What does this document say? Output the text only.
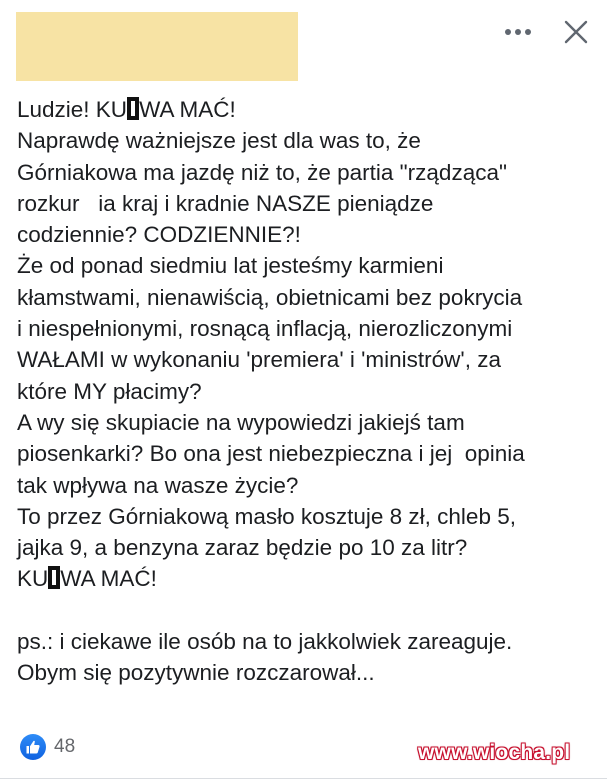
Ludzie! KU WA MAĆ!
Naprawdę ważniejsze jest dla was to, że
Górniakowa ma jazdę niż to, że partia "rządząca"
rozkur   ia kraj i kradnie NASZE pieniądze
codziennie? CODZIENNIE?!
Że od ponad siedmiu lat jesteśmy karmieni
kłamstwami, nienawiścią, obietnicami bez pokrycia
i niespełnionymi, rosnącą inflacją, nierozliczonymi
WAŁAMI w wykonaniu 'premiera' i 'ministrów', za
które MY płacimy?
A wy się skupiacie na wypowiedzi jakiejś tam
piosenkarki? Bo ona jest niebezpieczna i jej  opinia
tak wpływa na wasze życie?
To przez Górniakową masło kosztuje 8 zł, chleb 5,
jajka 9, a benzyna zaraz będzie po 10 za litr?
KU WA MAĆ!
ps.: i ciekawe ile osób na to jakkolwiek zareaguje.
Obym się pozytywnie rozczarował...
48	www.wiocha.pl
